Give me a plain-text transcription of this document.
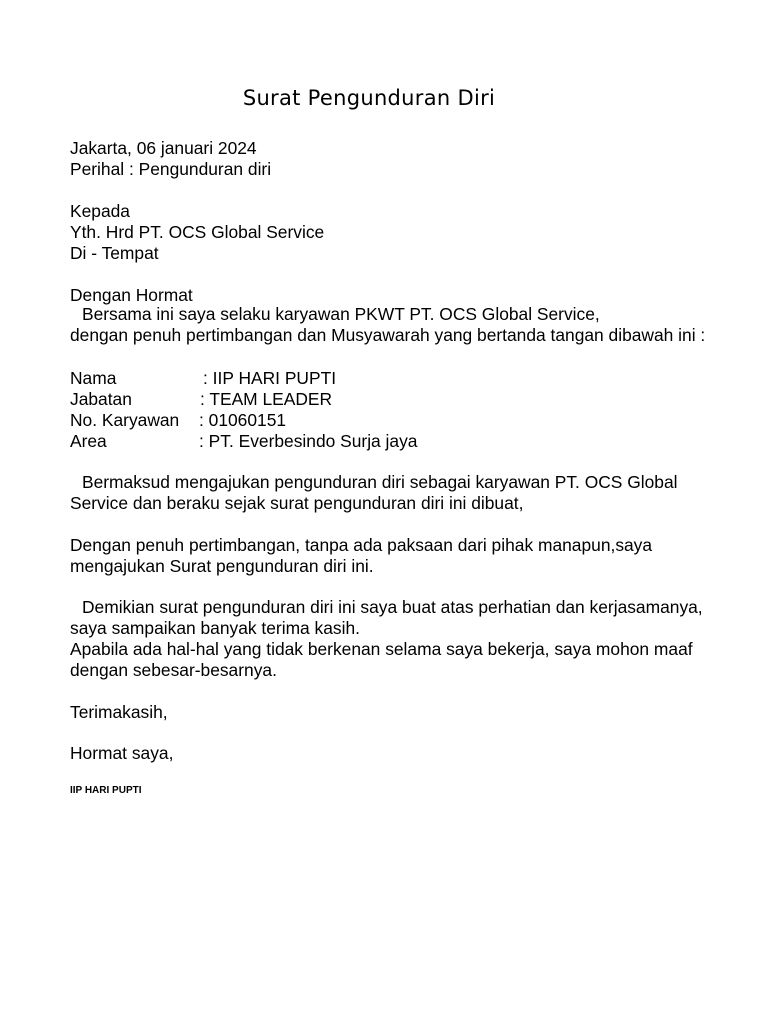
Surat Pengunduran Diri
Jakarta, 06 januari 2024
Perihal : Pengunduran diri
Kepada
Yth. Hrd PT. OCS Global Service
Di - Tempat
Dengan Hormat
Bersama ini saya selaku karyawan PKWT PT. OCS Global Service,
dengan penuh pertimbangan dan Musyawarah yang bertanda tangan dibawah ini :
Nama	: IIP HARI PUPTI
Jabatan	: TEAM LEADER
No. Karyawan : 01060151
Area	: PT. Everbesindo Surja jaya
Bermaksud mengajukan pengunduran diri sebagai karyawan PT. OCS Global
Service dan beraku sejak surat pengunduran diri ini dibuat,
Dengan penuh pertimbangan, tanpa ada paksaan dari pihak manapun,saya
mengajukan Surat pengunduran diri ini.
Demikian surat pengunduran diri ini saya buat atas perhatian dan kerjasamanya,
saya sampaikan banyak terima kasih.
Apabila ada hal-hal yang tidak berkenan selama saya bekerja, saya mohon maaf
dengan sebesar-besarnya.
Terimakasih,
Hormat saya,
IIP HARI PUPTI
